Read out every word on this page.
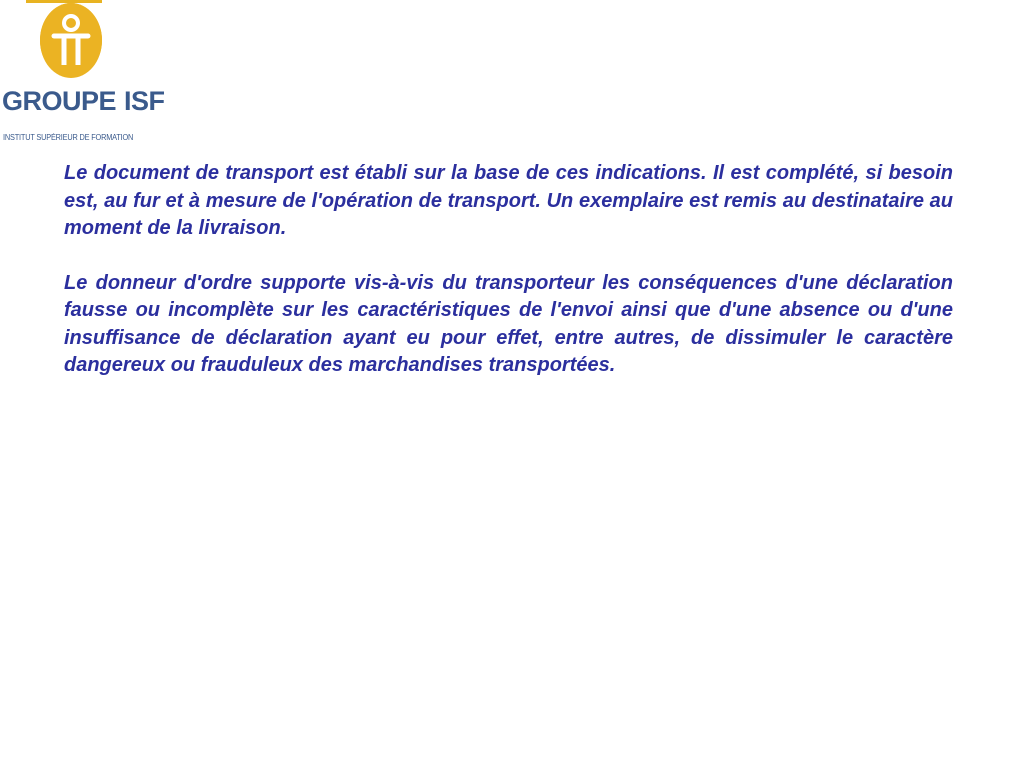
GROUPE ISF
INSTITUT SUPÉRIEUR DE FORMATION

Le document de transport est établi sur la base de ces indications. Il est complété, si besoin est, au fur et à mesure de l'opération de transport. Un exemplaire est remis au destinataire au moment de la livraison.

Le donneur d'ordre supporte vis-à-vis du transporteur les conséquences d'une déclaration fausse ou incomplète sur les caractéristiques de l'envoi ainsi que d'une absence ou d'une insuffisance de déclaration ayant eu pour effet, entre autres, de dissimuler le caractère dangereux ou frauduleux des marchandises transportées.
